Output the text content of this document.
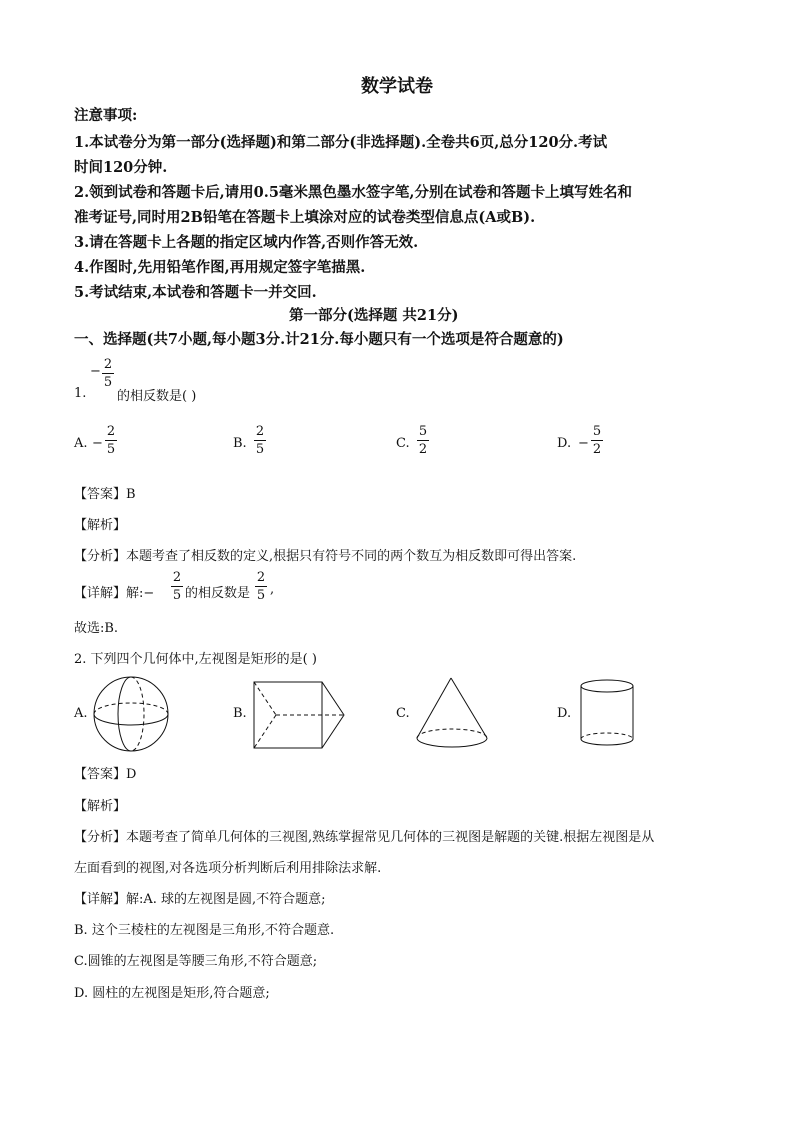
数学试卷
注意事项:
1.本试卷分为第一部分(选择题)和第二部分(非选择题).全卷共6页,总分120分.考试
时间120分钟.
2.领到试卷和答题卡后,请用0.5毫米黑色墨水签字笔,分别在试卷和答题卡上填写姓名和
准考证号,同时用2B铅笔在答题卡上填涂对应的试卷类型信息点(A或B).
3.请在答题卡上各题的指定区域内作答,否则作答无效.
4.作图时,先用铅笔作图,再用规定签字笔描黑.
5.考试结束,本试卷和答题卡一并交回.
第一部分(选择题 共21分)
一、选择题(共7小题,每小题3分.计21分.每小题只有一个选项是符合题意的)
− 2
5
1. 的相反数是( )
A. −
2
5	B.
2
5	C.
5
2	D. −
5
2
【答案】B
【解析】
【分析】本题考查了相反数的定义,根据只有符号不同的两个数互为相反数即可得出答案.
【详解】解:−
2
5 的相反数是
2
5 ,
故选:B.
2. 下列四个几何体中,左视图是矩形的是( )
A.	B.	C.	D.
【答案】D
【解析】
【分析】本题考查了简单几何体的三视图,熟练掌握常见几何体的三视图是解题的关键.根据左视图是从
左面看到的视图,对各选项分析判断后利用排除法求解.
【详解】解:A. 球的左视图是圆,不符合题意;
B. 这个三棱柱的左视图是三角形,不符合题意.
C.圆锥的左视图是等腰三角形,不符合题意;
D. 圆柱的左视图是矩形,符合题意;
